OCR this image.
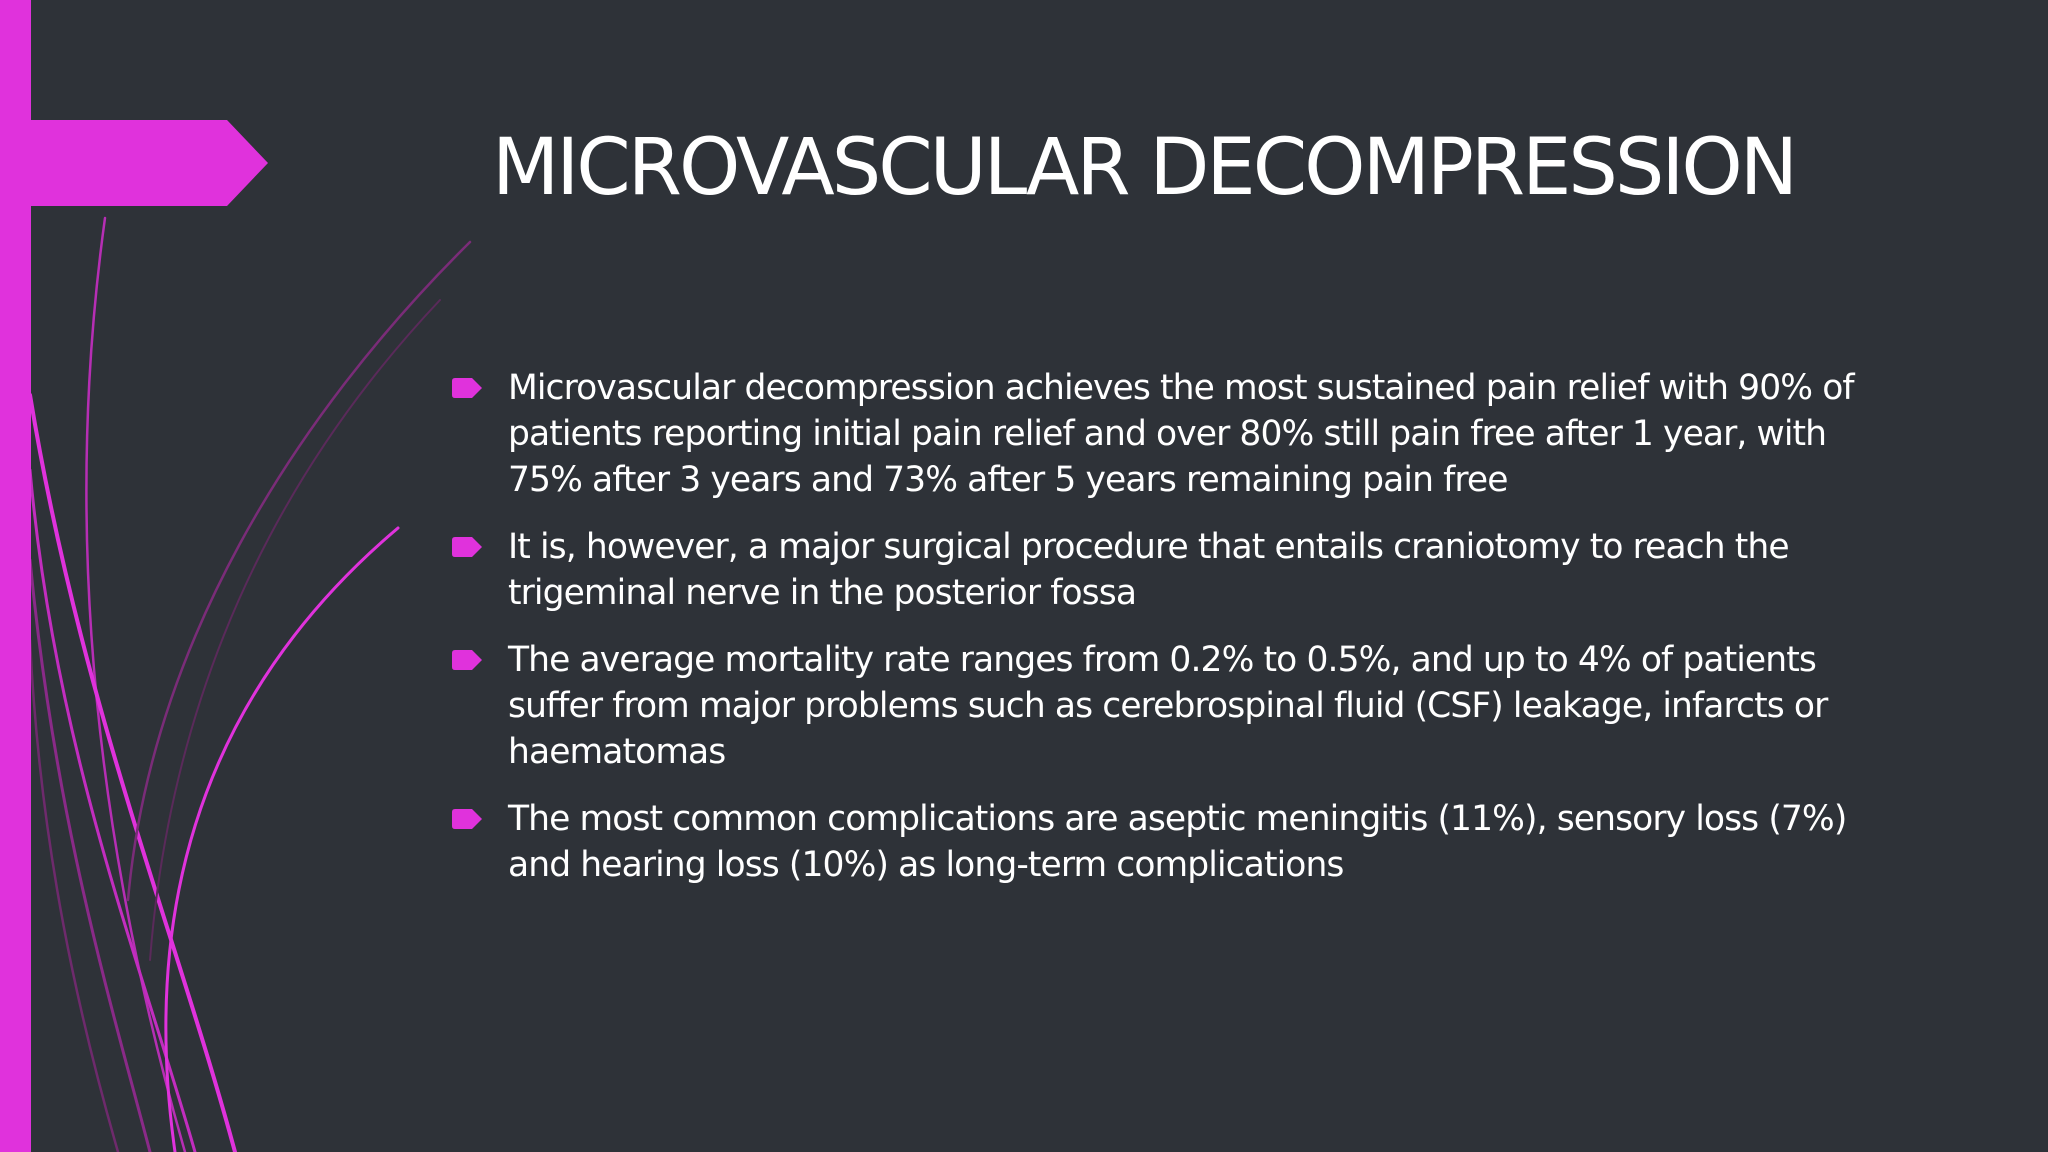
MICROVASCULAR DECOMPRESSION
Microvascular decompression achieves the most sustained pain relief with 90% of patients reporting initial pain relief and over 80% still pain free after 1 year, with 75% after 3 years and 73% after 5 years remaining pain free
It is, however, a major surgical procedure that entails craniotomy to reach the trigeminal nerve in the posterior fossa
The average mortality rate ranges from 0.2% to 0.5%, and up to 4% of patients suffer from major problems such as cerebrospinal fluid (CSF) leakage, infarcts or haematomas
The most common complications are aseptic meningitis (11%), sensory loss (7%) and hearing loss (10%) as long-term complications
